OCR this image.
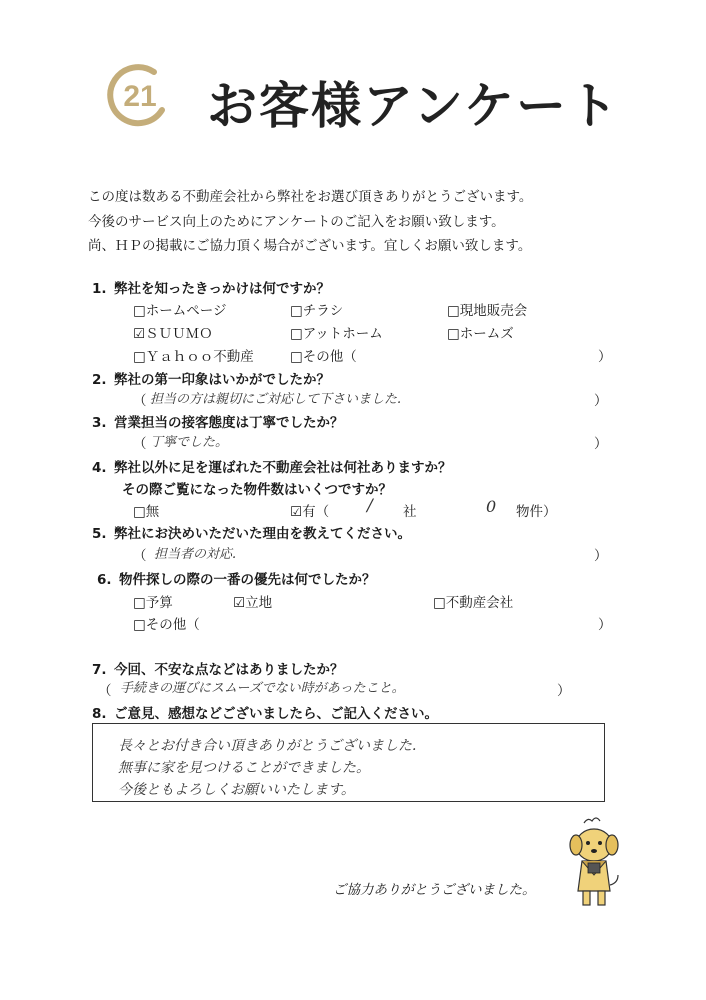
21 お客様アンケート
この度は数ある不動産会社から弊社をお選び頂きありがとうございます。
今後のサービス向上のためにアンケートのご記入をお願い致します。
尚、ＨＰの掲載にご協力頂く場合がございます。宜しくお願い致します。
1. 弊社を知ったきっかけは何ですか？
□ホームページ	□チラシ	□現地販売会
☑ＳＵＵＭＯ	□アットホーム	□ホームズ
□Ｙａｈｏｏ不動産	□その他（	）
2. 弊社の第一印象はいかがでしたか？
（ 担当の方は親切にご対応して下さいました.	）
3. 営業担当の接客態度は丁寧でしたか？
（ 丁寧でした。	）
4. 弊社以外に足を運ばれた不動産会社は何社ありますか？
その際ご覧になった物件数はいくつですか？
□無	☑有（ / 社	0 物件）
5. 弊社にお決めいただいた理由を教えてください。
（ 担当者の対応.	）
6. 物件探しの際の一番の優先は何でしたか？
□予算	☑立地	□不動産会社
□その他（	）
7. 今回、不安な点などはありましたか？
（ 手続きの運びにスムーズでない時があったこと。	）
8. ご意見、感想などございましたら、ご記入ください。
長々とお付き合い頂きありがとうございました.
無事に家を見つけることができました。
今後ともよろしくお願いいたします。
ご協力ありがとうございました。
